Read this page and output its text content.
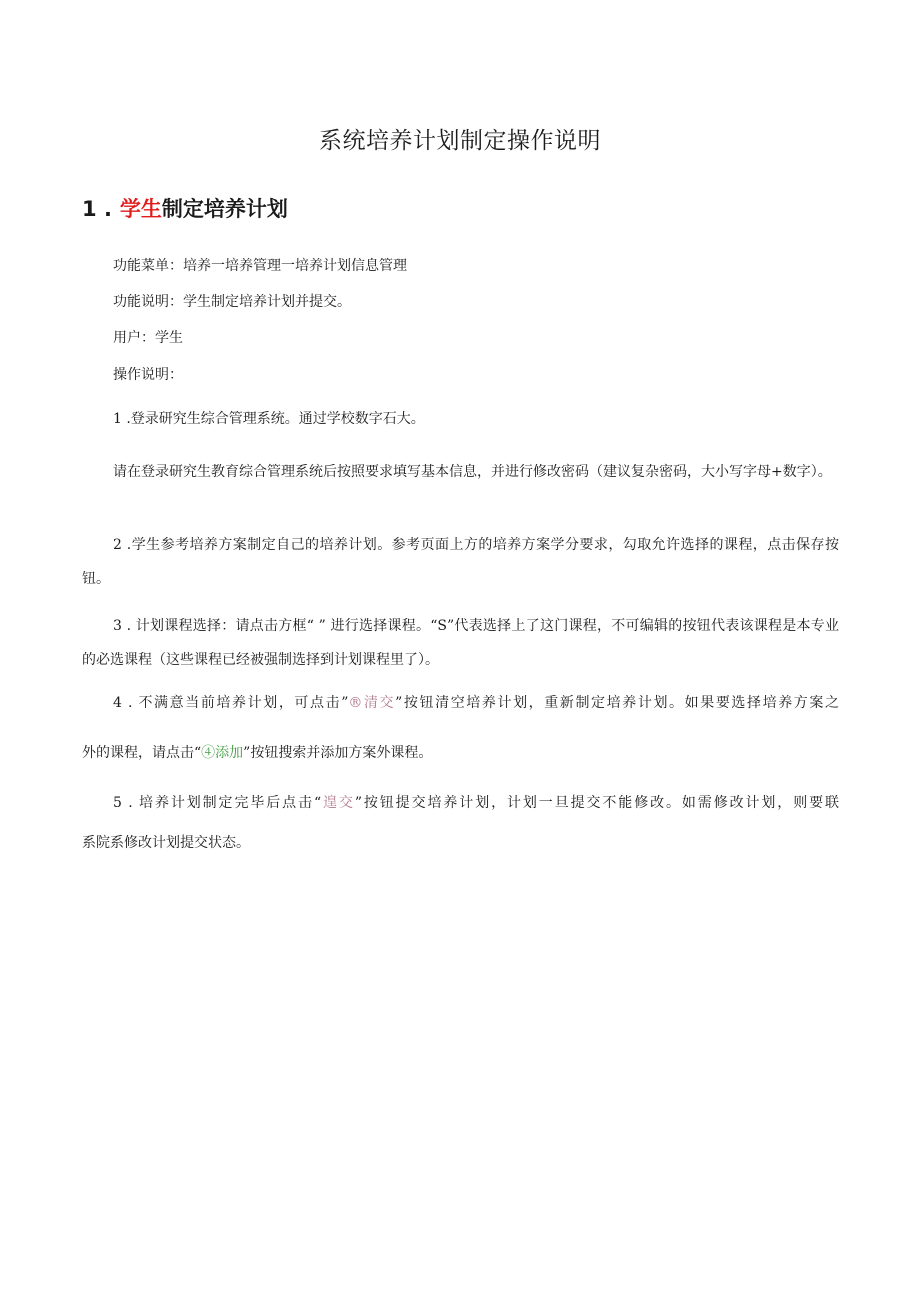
系统培养计划制定操作说明
1 . 学生制定培养计划
功能菜单：培养一培养管理一培养计划信息管理
功能说明：学生制定培养计划并提交。
用户：学生
操作说明：
1 .登录研究生综合管理系统。通过学校数字石大。
请在登录研究生教育综合管理系统后按照要求填写基本信息，并进行修改密码（建议复杂密码，大小写字母+数字）。
2 .学生参考培养方案制定自己的培养计划。参考页面上方的培养方案学分要求，勾取允许选择的课程，点击保存按钮。
3 . 计划课程选择：请点击方框“ ” 进行选择课程。“S”代表选择上了这门课程，不可编辑的按钮代表该课程是本专业的必选课程（这些课程已经被强制选择到计划课程里了）。
4 . 不满意当前培养计划，可点击”®清交”按钮清空培养计划，重新制定培养计划。如果要选择培养方案之
外的课程，请点击“④添加”按钮搜索并添加方案外课程。
5 . 培养计划制定完毕后点击“遑交”按钮提交培养计划，计划一旦提交不能修改。如需修改计划，则要联
系院系修改计划提交状态。
